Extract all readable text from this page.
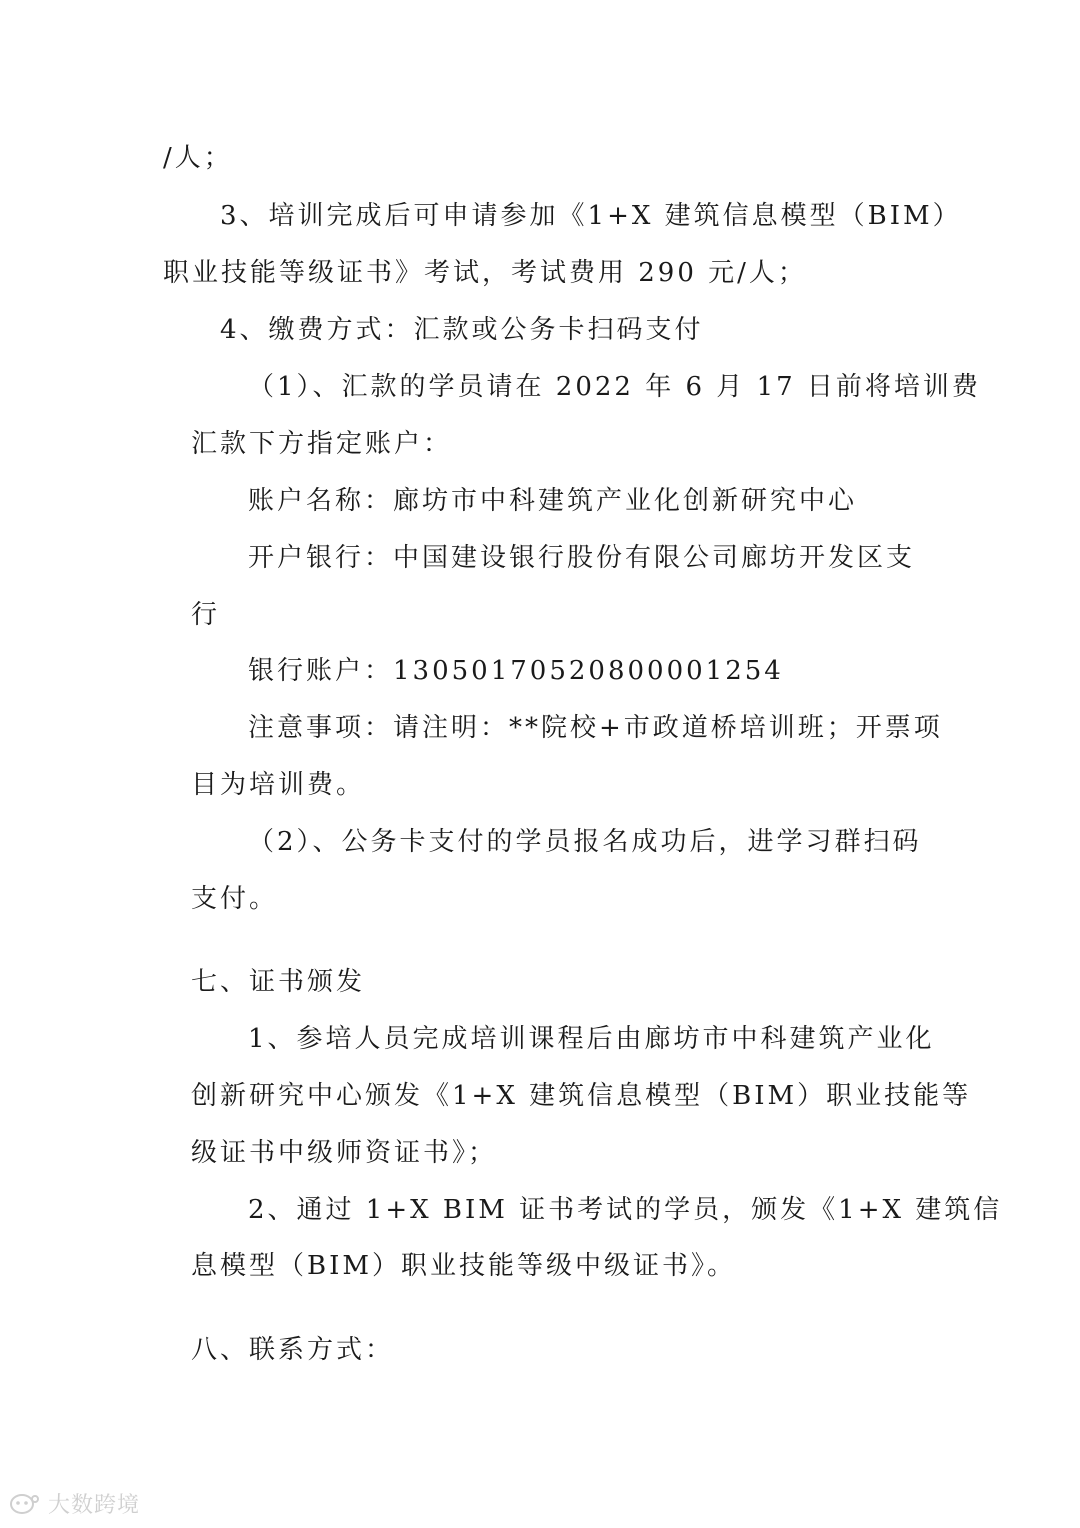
/人；
3、培训完成后可申请参加《1+X 建筑信息模型（BIM）
职业技能等级证书》考试，考试费用 290 元/人；
4、缴费方式：汇款或公务卡扫码支付
（1）、汇款的学员请在 2022 年 6 月 17 日前将培训费
汇款下方指定账户：
账户名称：廊坊市中科建筑产业化创新研究中心
开户银行：中国建设银行股份有限公司廊坊开发区支
行
银行账户：13050170520800001254
注意事项：请注明：**院校+市政道桥培训班；开票项
目为培训费。
（2）、公务卡支付的学员报名成功后，进学习群扫码
支付。
七、证书颁发
1、参培人员完成培训课程后由廊坊市中科建筑产业化
创新研究中心颁发《1+X 建筑信息模型（BIM）职业技能等
级证书中级师资证书》；
2、通过 1+X BIM 证书考试的学员，颁发《1+X 建筑信
息模型（BIM）职业技能等级中级证书》。
八、联系方式：
大数跨境
